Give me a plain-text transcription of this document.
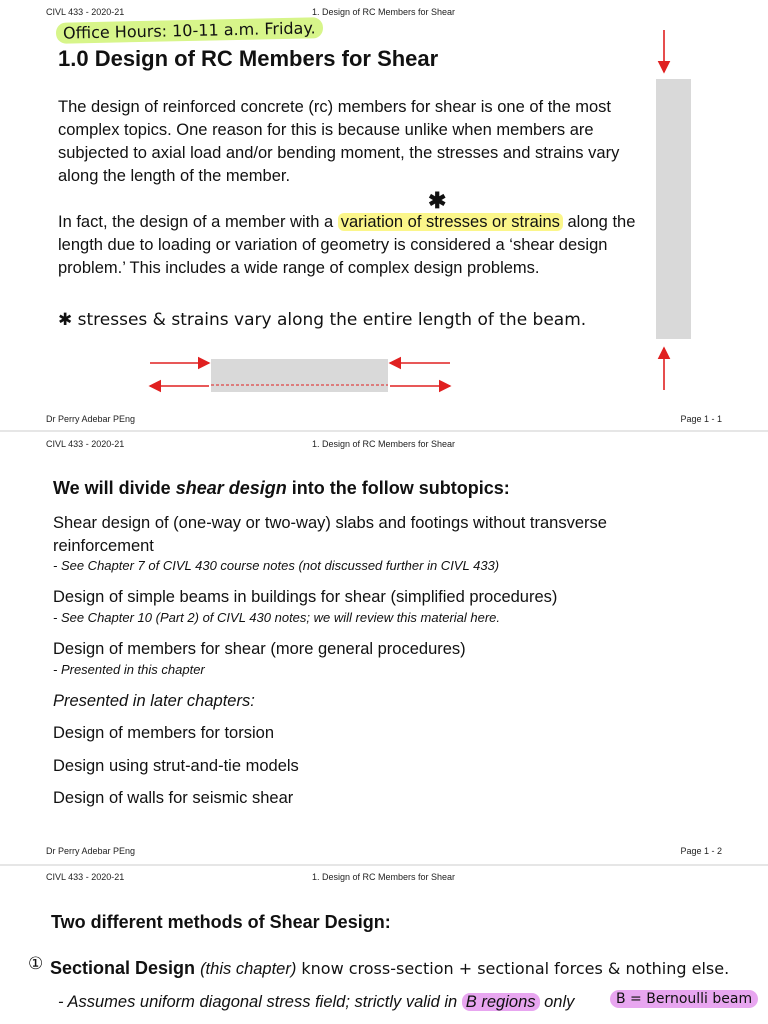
CIVL 433 - 2020-21	1. Design of RC Members for Shear
Office Hours: 10-11 a.m. Friday.
1.0 Design of RC Members for Shear

The design of reinforced concrete (rc) members for shear is one of the most complex topics. One reason for this is because unlike when members are subjected to axial load and/or bending moment, the stresses and strains vary along the length of the member.

✱

In fact, the design of a member with a variation of stresses or strains along the length due to loading or variation of geometry is considered a ‘shear design problem.’ This includes a wide range of complex design problems.

✱ stresses & strains vary along the entire length of the beam.
Dr Perry Adebar PEng	Page 1 - 1
CIVL 433 - 2020-21	1. Design of RC Members for Shear
We will divide shear design into the follow subtopics:

Shear design of (one-way or two-way) slabs and footings without transverse reinforcement

- See Chapter 7 of CIVL 430 course notes (not discussed further in CIVL 433)

Design of simple beams in buildings for shear (simplified procedures)

- See Chapter 10 (Part 2) of CIVL 430 notes; we will review this material here.

Design of members for shear (more general procedures)

- Presented in this chapter

Presented in later chapters:

Design of members for torsion

Design using strut-and-tie models

Design of walls for seismic shear

Dr Perry Adebar PEng	Page 1 - 2
CIVL 433 - 2020-21	1. Design of RC Members for Shear
Two different methods of Shear Design:
① Sectional Design (this chapter) know cross-section + sectional forces & nothing else.
- Assumes uniform diagonal stress field; strictly valid in B regions only	B = Bernoulli beam
